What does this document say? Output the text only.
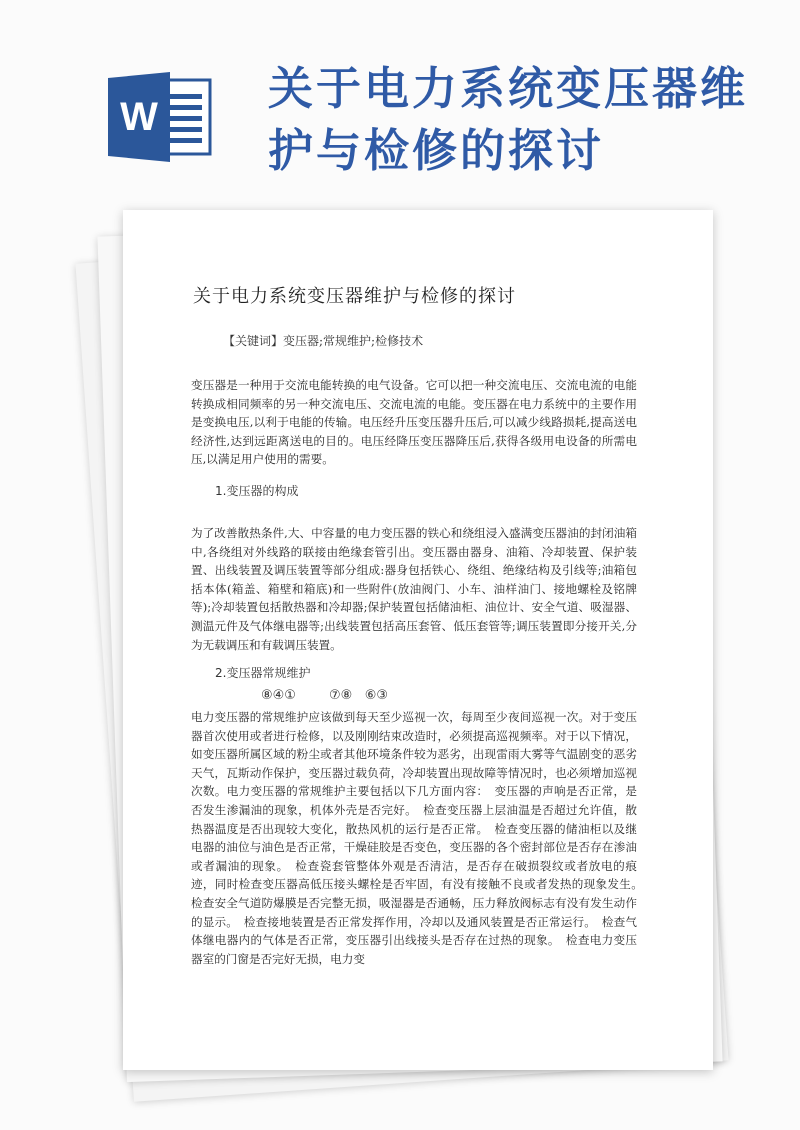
W
关于电力系统变压器维
护与检修的探讨
关于电力系统变压器维护与检修的探讨
【关键词】变压器;常规维护;检修技术

变压器是一种用于交流电能转换的电气设备。它可以把一种交流电压、交流电流的电能转换成相同频率的另一种交流电压、交流电流的电能。变压器在电力系统中的主要作用是变换电压,以利于电能的传输。电压经升压变压器升压后,可以减少线路损耗,提高送电经济性,达到远距离送电的目的。电压经降压变压器降压后,获得各级用电设备的所需电压,以满足用户使用的需要。

1.变压器的构成

为了改善散热条件,大、中容量的电力变压器的铁心和绕组浸入盛满变压器油的封闭油箱中,各绕组对外线路的联接由绝缘套管引出。变压器由器身、油箱、冷却装置、保护装置、出线装置及调压装置等部分组成:器身包括铁心、绕组、绝缘结构及引线等;油箱包括本体(箱盖、箱壁和箱底)和一些附件(放油阀门、小车、油样油门、接地螺栓及铭牌等);冷却装置包括散热器和冷却器;保护装置包括储油柜、油位计、安全气道、吸湿器、测温元件及气体继电器等;出线装置包括高压套管、低压套管等;调压装置即分接开关,分为无载调压和有载调压装置。

2.变压器常规维护
⑧④①        ⑦⑧   ⑥③

电力变压器的常规维护应该做到每天至少巡视一次，每周至少夜间巡视一次。对于变压器首次使用或者进行检修，以及刚刚结束改造时，必须提高巡视频率。对于以下情况，如变压器所属区域的粉尘或者其他环境条件较为恶劣，出现雷雨大雾等气温剧变的恶劣天气，瓦斯动作保护，变压器过载负荷，冷却装置出现故障等情况时，也必须增加巡视次数。电力变压器的常规维护主要包括以下几方面内容：　变压器的声响是否正常，是否发生渗漏油的现象，机体外壳是否完好。　检查变压器上层油温是否超过允许值，散热器温度是否出现较大变化，散热风机的运行是否正常。　检查变压器的储油柜以及继电器的油位与油色是否正常，干燥硅胶是否变色，变压器的各个密封部位是否存在渗油或者漏油的现象。　检查瓷套管整体外观是否清洁，是否存在破损裂纹或者放电的痕迹，同时检查变压器高低压接头螺栓是否牢固，有没有接触不良或者发热的现象发生。　检查安全气道防爆膜是否完整无损，吸湿器是否通畅，压力释放阀标志有没有发生动作的显示。　检查接地装置是否正常发挥作用，冷却以及通风装置是否正常运行。　检查气体继电器内的气体是否正常，变压器引出线接头是否存在过热的现象。　检查电力变压器室的门窗是否完好无损，电力变
